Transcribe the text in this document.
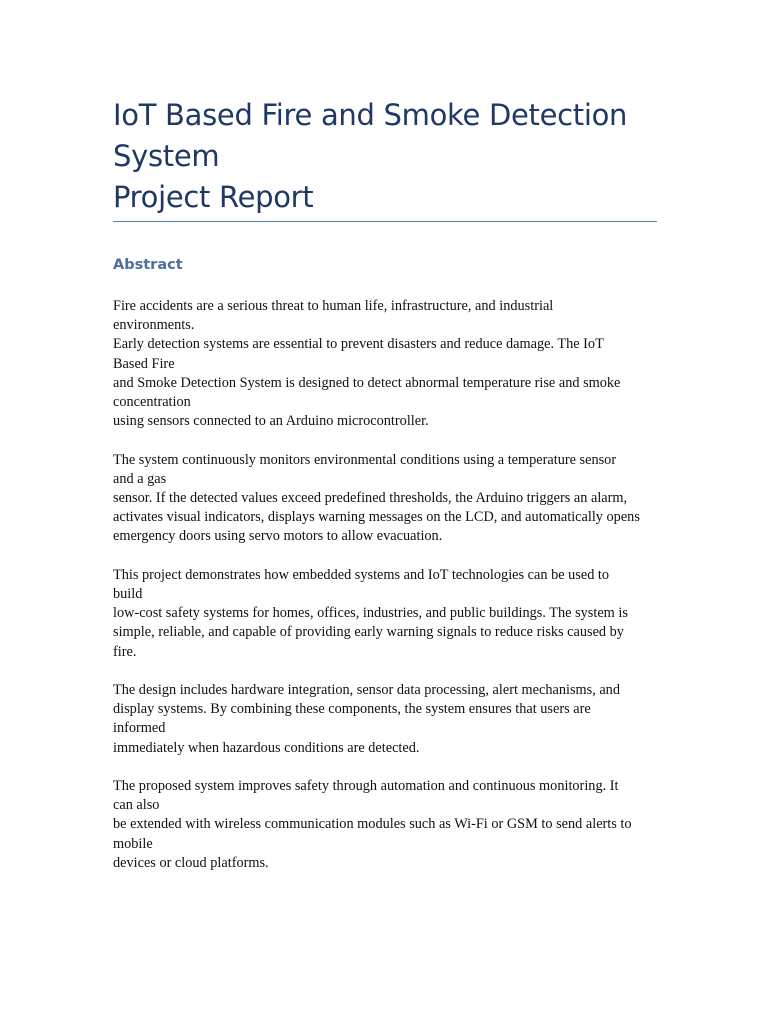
IoT Based Fire and Smoke Detection
System
Project Report
Abstract
Fire accidents are a serious threat to human life, infrastructure, and industrial
environments.
Early detection systems are essential to prevent disasters and reduce damage. The IoT
Based Fire
and Smoke Detection System is designed to detect abnormal temperature rise and smoke
concentration
using sensors connected to an Arduino microcontroller.
The system continuously monitors environmental conditions using a temperature sensor
and a gas
sensor. If the detected values exceed predefined thresholds, the Arduino triggers an alarm,
activates visual indicators, displays warning messages on the LCD, and automatically opens
emergency doors using servo motors to allow evacuation.
This project demonstrates how embedded systems and IoT technologies can be used to
build
low-cost safety systems for homes, offices, industries, and public buildings. The system is
simple, reliable, and capable of providing early warning signals to reduce risks caused by
fire.
The design includes hardware integration, sensor data processing, alert mechanisms, and
display systems. By combining these components, the system ensures that users are
informed
immediately when hazardous conditions are detected.
The proposed system improves safety through automation and continuous monitoring. It
can also
be extended with wireless communication modules such as Wi-Fi or GSM to send alerts to
mobile
devices or cloud platforms.
